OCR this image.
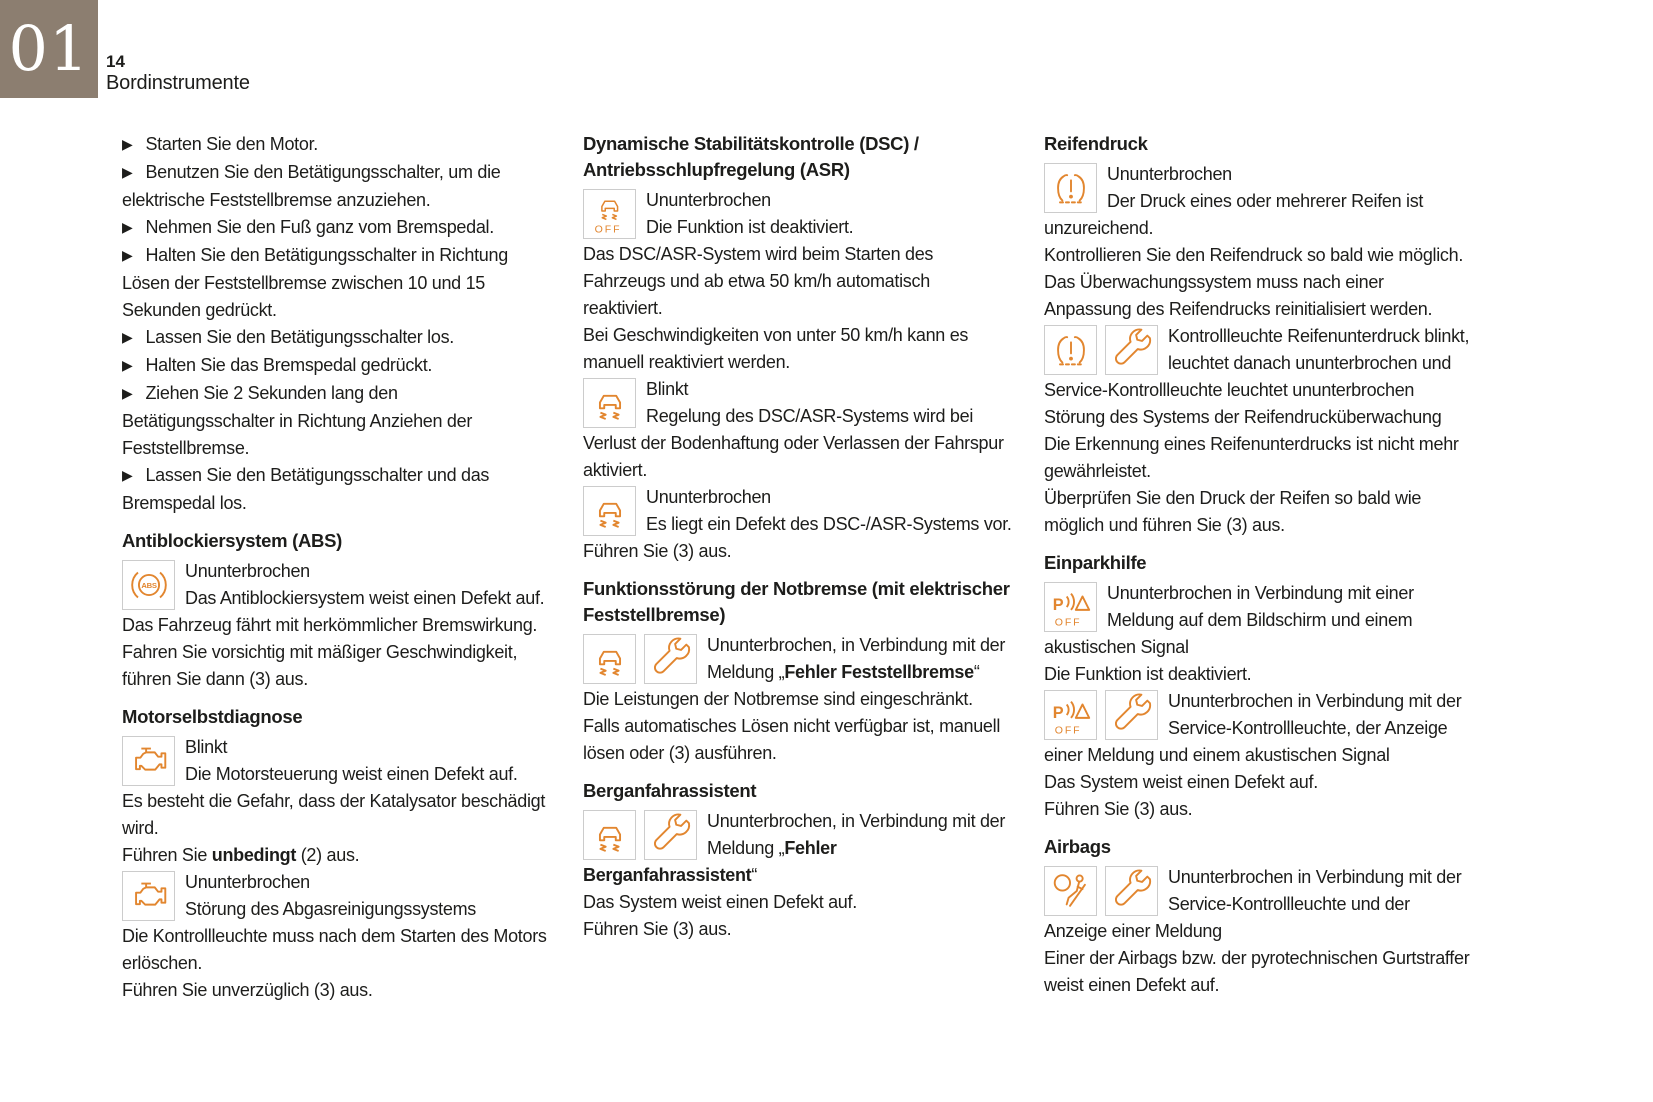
01 14
Bordinstrumente

▶ Starten Sie den Motor.

▶ Benutzen Sie den Betätigungsschalter, um die elektrische Feststellbremse anzuziehen.

▶ Nehmen Sie den Fuß ganz vom Bremspedal.

▶ Halten Sie den Betätigungsschalter in Richtung Lösen der Feststellbremse zwischen 10 und 15 Sekunden gedrückt.

▶ Lassen Sie den Betätigungsschalter los.

▶ Halten Sie das Bremspedal gedrückt.

▶ Ziehen Sie 2 Sekunden lang den Betätigungsschalter in Richtung Anziehen der Feststellbremse.

▶ Lassen Sie den Betätigungsschalter und das Bremspedal los.

Antiblockiersystem (ABS)
ABS
Ununterbrochen
Das Antiblockiersystem weist einen Defekt auf.

Das Fahrzeug fährt mit herkömmlicher Bremswirkung.

Fahren Sie vorsichtig mit mäßiger Geschwindigkeit, führen Sie dann (3) aus.

Motorselbstdiagnose
Blinkt
Die Motorsteuerung weist einen Defekt auf.

Es besteht die Gefahr, dass der Katalysator beschädigt wird.

Führen Sie unbedingt (2) aus.

Ununterbrochen
Störung des Abgasreinigungssystems

Die Kontrollleuchte muss nach dem Starten des Motors erlöschen.

Führen Sie unverzüglich (3) aus.

Dynamische Stabilitätskontrolle (DSC) / Antriebsschlupfregelung (ASR)
OFF
Ununterbrochen
Die Funktion ist deaktiviert.

Das DSC/ASR-System wird beim Starten des Fahrzeugs und ab etwa 50 km/h automatisch reaktiviert.

Bei Geschwindigkeiten von unter 50 km/h kann es manuell reaktiviert werden.

Blinkt
Regelung des DSC/ASR-Systems wird bei Verlust der Bodenhaftung oder Verlassen der Fahrspur aktiviert.
Ununterbrochen
Es liegt ein Defekt des DSC-/ASR-Systems vor.

Führen Sie (3) aus.

Funktionsstörung der Notbremse (mit elektrischer Feststellbremse)
Ununterbrochen, in Verbindung mit der Meldung „Fehler Feststellbremse“

Die Leistungen der Notbremse sind eingeschränkt.

Falls automatisches Lösen nicht verfügbar ist, manuell lösen oder (3) ausführen.

Berganfahrassistent
Ununterbrochen, in Verbindung mit der Meldung „Fehler Berganfahrassistent“

Das System weist einen Defekt auf.

Führen Sie (3) aus.

Reifendruck
Ununterbrochen
Der Druck eines oder mehrerer Reifen ist unzureichend.

Kontrollieren Sie den Reifendruck so bald wie möglich.

Das Überwachungssystem muss nach einer Anpassung des Reifendrucks reinitialisiert werden.

Kontrollleuchte Reifenunterdruck blinkt, leuchtet danach ununterbrochen und Service-Kontrollleuchte leuchtet ununterbrochen

Störung des Systems der Reifendrucküberwachung

Die Erkennung eines Reifenunterdrucks ist nicht mehr gewährleistet.

Überprüfen Sie den Druck der Reifen so bald wie möglich und führen Sie (3) aus.

Einparkhilfe
P
OFF
Ununterbrochen in Verbindung mit einer Meldung auf dem Bildschirm und einem akustischen Signal

Die Funktion ist deaktiviert.

P
OFF
Ununterbrochen in Verbindung mit der Service-Kontrollleuchte, der Anzeige einer Meldung und einem akustischen Signal

Das System weist einen Defekt auf.

Führen Sie (3) aus.

Airbags
Ununterbrochen in Verbindung mit der Service-Kontrollleuchte und der Anzeige einer Meldung

Einer der Airbags bzw. der pyrotechnischen Gurtstraffer weist einen Defekt auf.
